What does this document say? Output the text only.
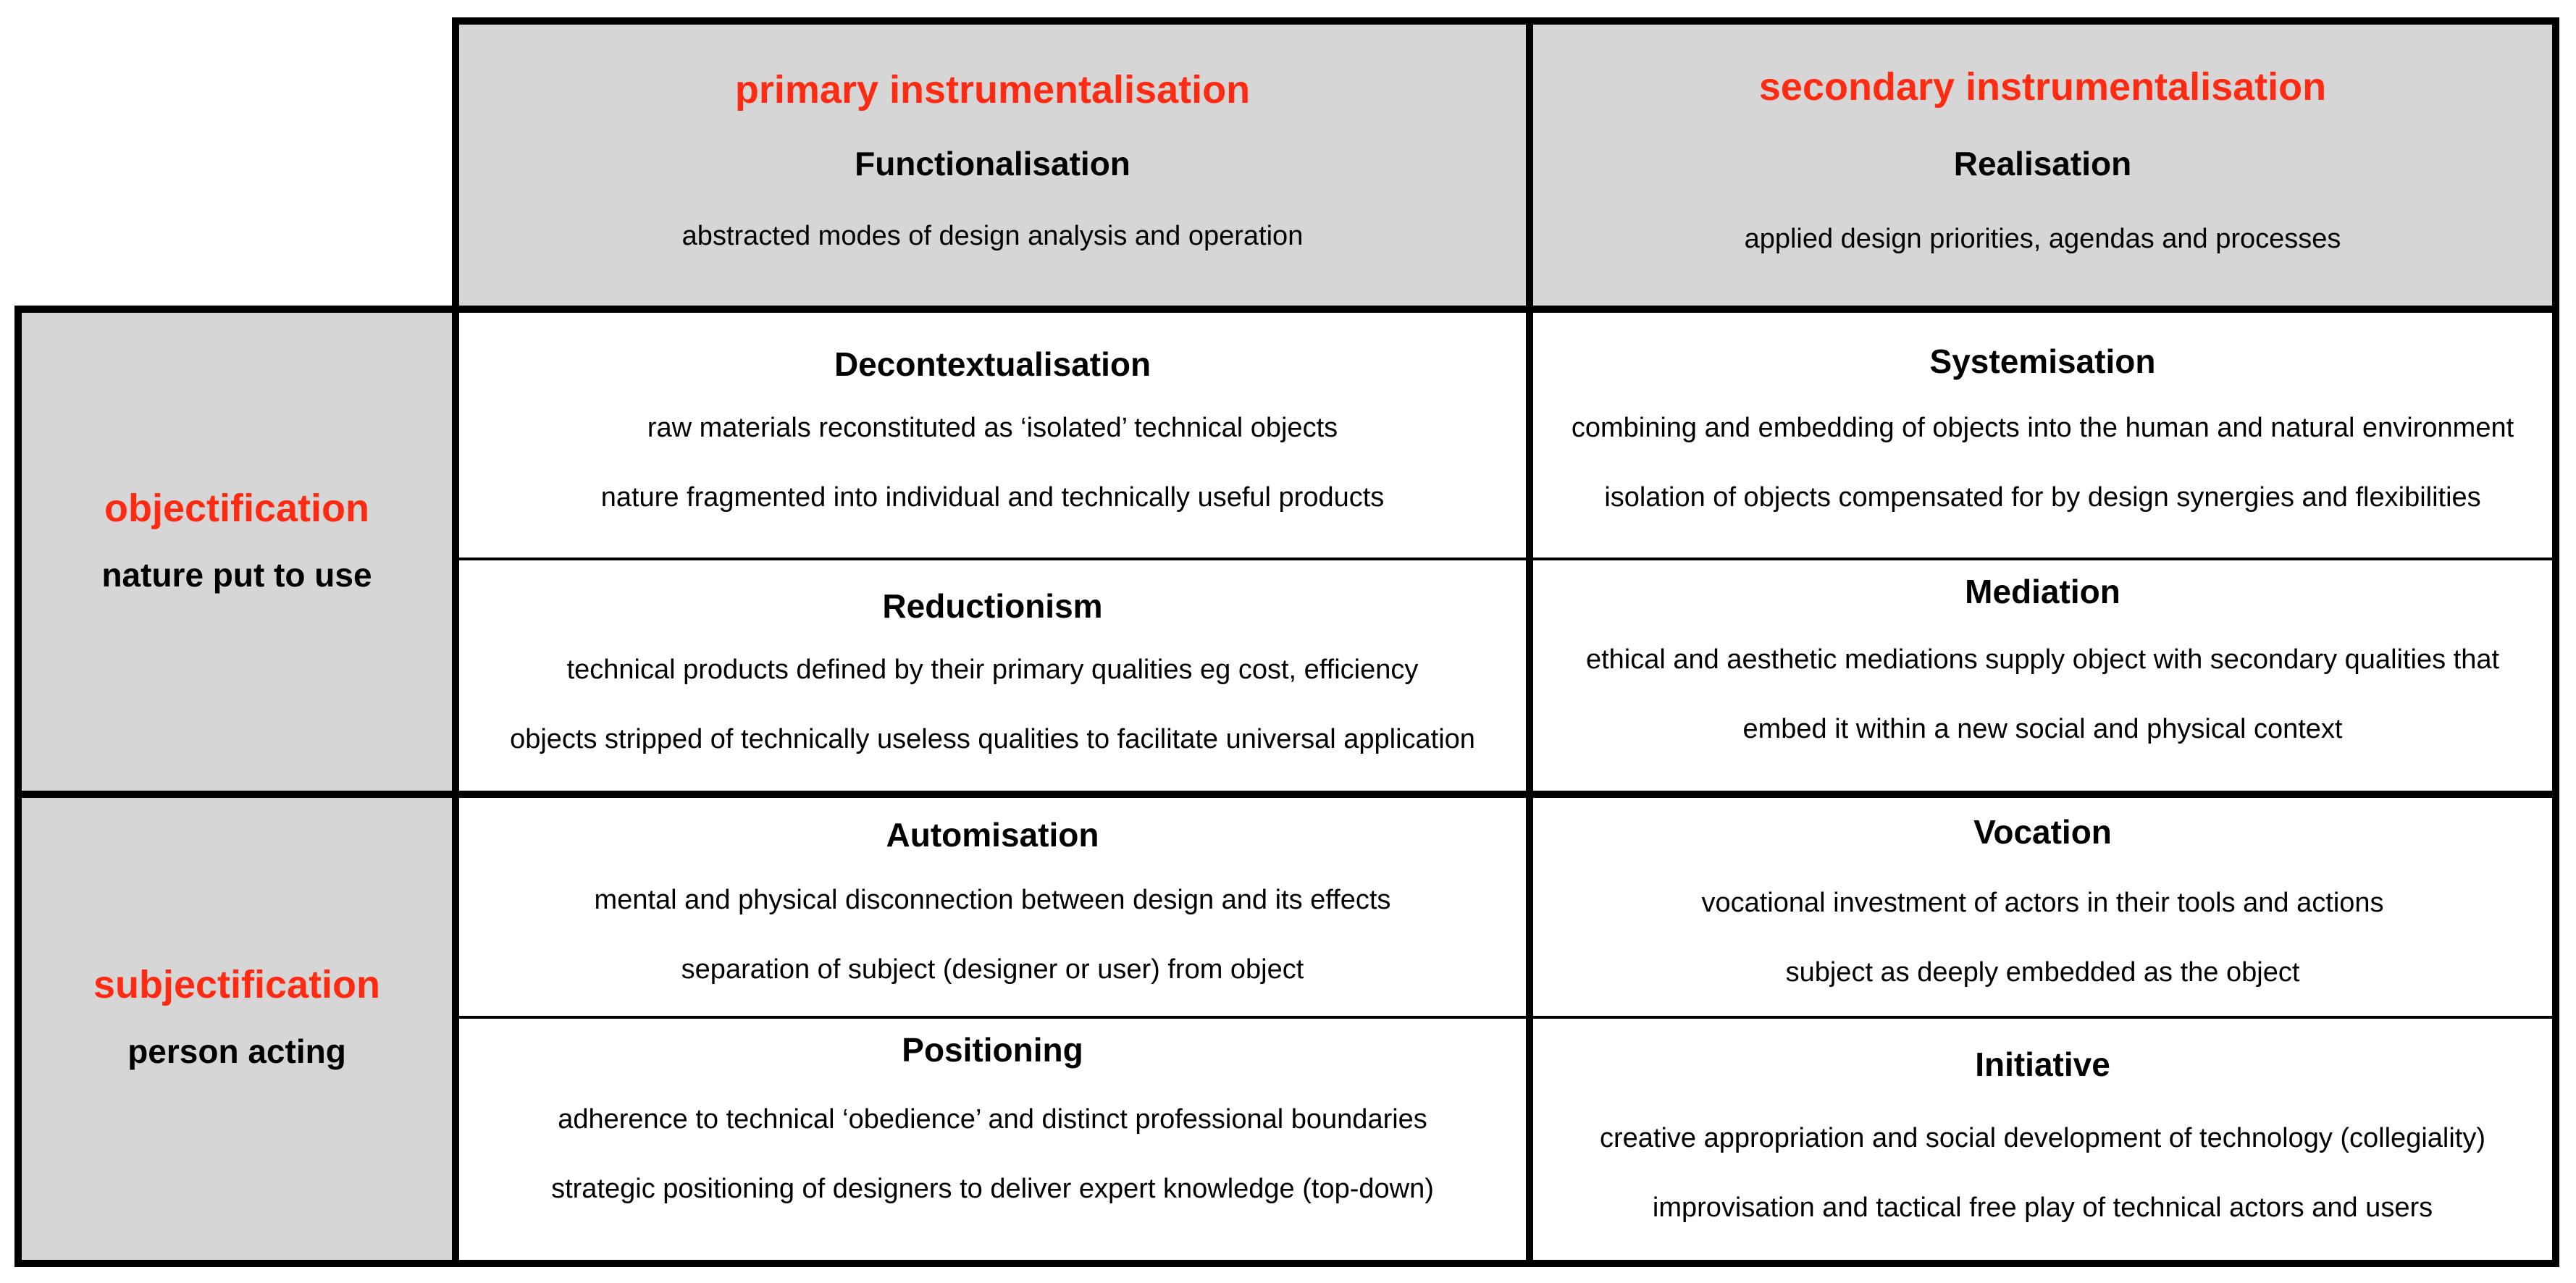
primary instrumentalisation
Functionalisation
abstracted modes of design analysis and operation
secondary instrumentalisation
Realisation
applied design priorities, agendas and processes
objectification
nature put to use
subjectification
person acting
Decontextualisation
raw materials reconstituted as ‘isolated’ technical objects
nature fragmented into individual and technically useful products
Reductionism
technical products defined by their primary qualities eg cost, efficiency
objects stripped of technically useless qualities to facilitate universal application
Automisation
mental and physical disconnection between design and its effects
separation of subject (designer or user) from object
Positioning
adherence to technical ‘obedience’ and distinct professional boundaries
strategic positioning of designers to deliver expert knowledge (top-down)
Systemisation
combining and embedding of objects into the human and natural environment
isolation of objects compensated for by design synergies and flexibilities
Mediation
ethical and aesthetic mediations supply object with secondary qualities that
embed it within a new social and physical context
Vocation
vocational investment of actors in their tools and actions
subject as deeply embedded as the object
Initiative
creative appropriation and social development of technology (collegiality)
improvisation and tactical free play of technical actors and users
